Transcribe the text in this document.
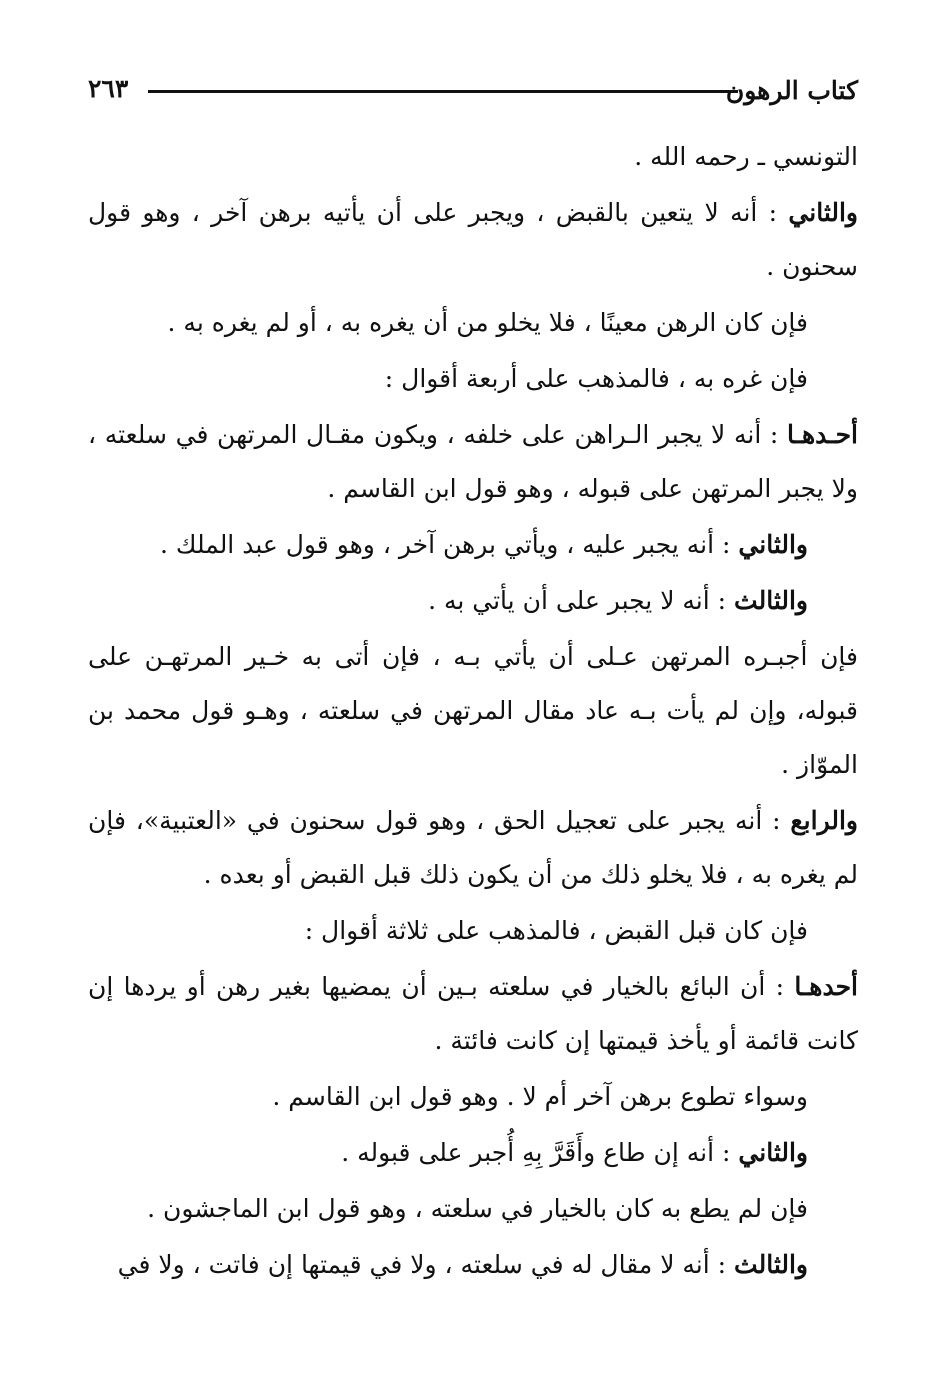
كتاب الرهون
٢٦٣

التونسي ـ رحمه الله .

والثاني : أنه لا يتعين بالقبض ، ويجبر على أن يأتيه برهن آخر ، وهو قول سحنون .

فإن كان الرهن معينًا ، فلا يخلو من أن يغره به ، أو لم يغره به .

فإن غره به ، فالمذهب على أربعة أقوال :

أحـدهـا : أنه لا يجبر الـراهن على خلفه ، ويكون مقـال المرتهن في سلعته ، ولا يجبر المرتهن على قبوله ، وهو قول ابن القاسم .

والثاني : أنه يجبر عليه ، ويأتي برهن آخر ، وهو قول عبد الملك .

والثالث : أنه لا يجبر على أن يأتي به .

فإن أجبـره المرتهن عـلى أن يأتي بـه ، فإن أتى به خـير المرتهـن على قبوله، وإن لم يأت بـه عاد مقال المرتهن في سلعته ، وهـو قول محمد بن الموّاز .

والرابع : أنه يجبر على تعجيل الحق ، وهو قول سحنون في «العتبية»، فإن لم يغره به ، فلا يخلو ذلك من أن يكون ذلك قبل القبض أو بعده .

فإن كان قبل القبض ، فالمذهب على ثلاثة أقوال :

أحدهـا : أن البائع بالخيار في سلعته بـين أن يمضيها بغير رهن أو يردها إن كانت قائمة أو يأخذ قيمتها إن كانت فائتة .

وسواء تطوع برهن آخر أم لا . وهو قول ابن القاسم .

والثاني : أنه إن طاع وأَقَرَّ بِهِ أُجبر على قبوله .

فإن لم يطع به كان بالخيار في سلعته ، وهو قول ابن الماجشون .

والثالث : أنه لا مقال له في سلعته ، ولا في قيمتها إن فاتت ، ولا في
